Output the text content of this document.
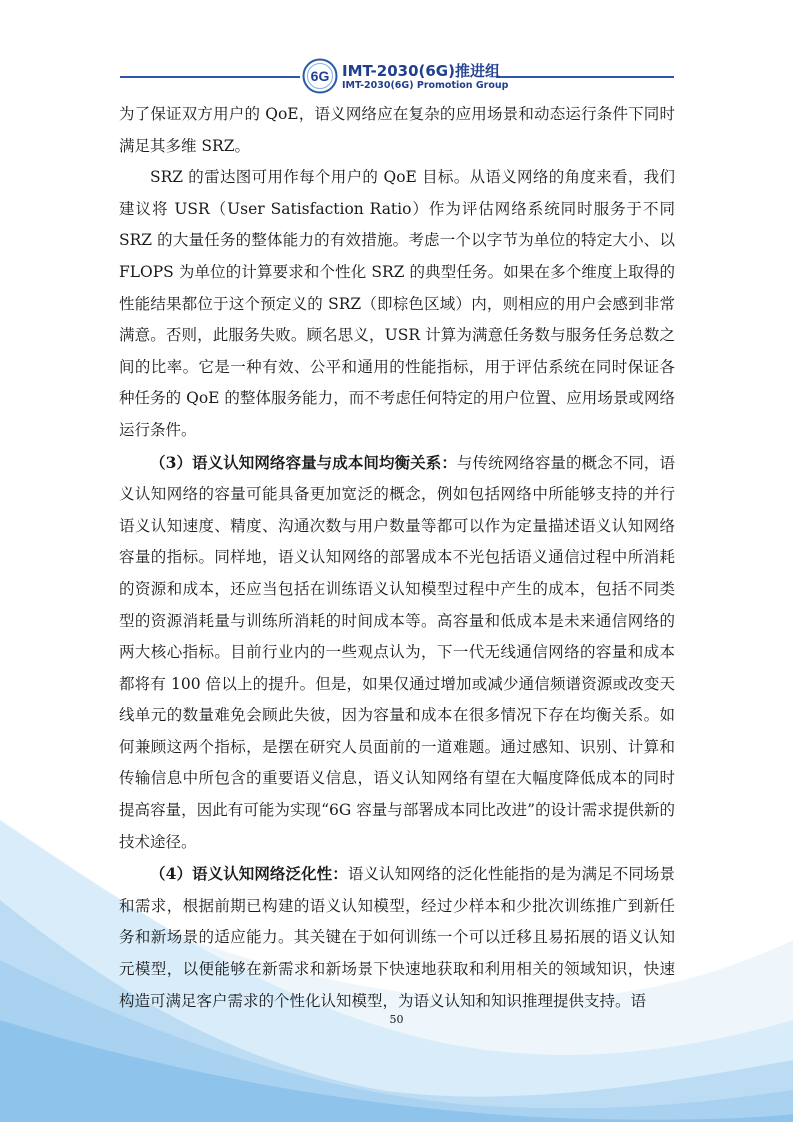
6G IMT-2030(6G)推进组
IMT-2030(6G) Promotion Group

为了保证双方用户的 QoE，语义网络应在复杂的应用场景和动态运行条件下同时满足其多维 SRZ。

SRZ 的雷达图可用作每个用户的 QoE 目标。从语义网络的角度来看，我们建议将 USR（User Satisfaction Ratio）作为评估网络系统同时服务于不同 SRZ 的大量任务的整体能力的有效措施。考虑一个以字节为单位的特定大小、以 FLOPS 为单位的计算要求和个性化 SRZ 的典型任务。如果在多个维度上取得的性能结果都位于这个预定义的 SRZ（即棕色区域）内，则相应的用户会感到非常满意。否则，此服务失败。顾名思义，USR 计算为满意任务数与服务任务总数之间的比率。它是一种有效、公平和通用的性能指标，用于评估系统在同时保证各种任务的 QoE 的整体服务能力，而不考虑任何特定的用户位置、应用场景或网络运行条件。

（3）语义认知网络容量与成本间均衡关系：与传统网络容量的概念不同，语义认知网络的容量可能具备更加宽泛的概念，例如包括网络中所能够支持的并行语义认知速度、精度、沟通次数与用户数量等都可以作为定量描述语义认知网络容量的指标。同样地，语义认知网络的部署成本不光包括语义通信过程中所消耗的资源和成本，还应当包括在训练语义认知模型过程中产生的成本，包括不同类型的资源消耗量与训练所消耗的时间成本等。高容量和低成本是未来通信网络的两大核心指标。目前行业内的一些观点认为，下一代无线通信网络的容量和成本都将有 100 倍以上的提升。但是，如果仅通过增加或减少通信频谱资源或改变天线单元的数量难免会顾此失彼，因为容量和成本在很多情况下存在均衡关系。如何兼顾这两个指标，是摆在研究人员面前的一道难题。通过感知、识别、计算和传输信息中所包含的重要语义信息，语义认知网络有望在大幅度降低成本的同时提高容量，因此有可能为实现“6G 容量与部署成本同比改进”的设计需求提供新的技术途径。

（4）语义认知网络泛化性：语义认知网络的泛化性能指的是为满足不同场景和需求，根据前期已构建的语义认知模型，经过少样本和少批次训练推广到新任务和新场景的适应能力。其关键在于如何训练一个可以迁移且易拓展的语义认知元模型，以便能够在新需求和新场景下快速地获取和利用相关的领域知识，快速构造可满足客户需求的个性化认知模型，为语义认知和知识推理提供支持。语

50
